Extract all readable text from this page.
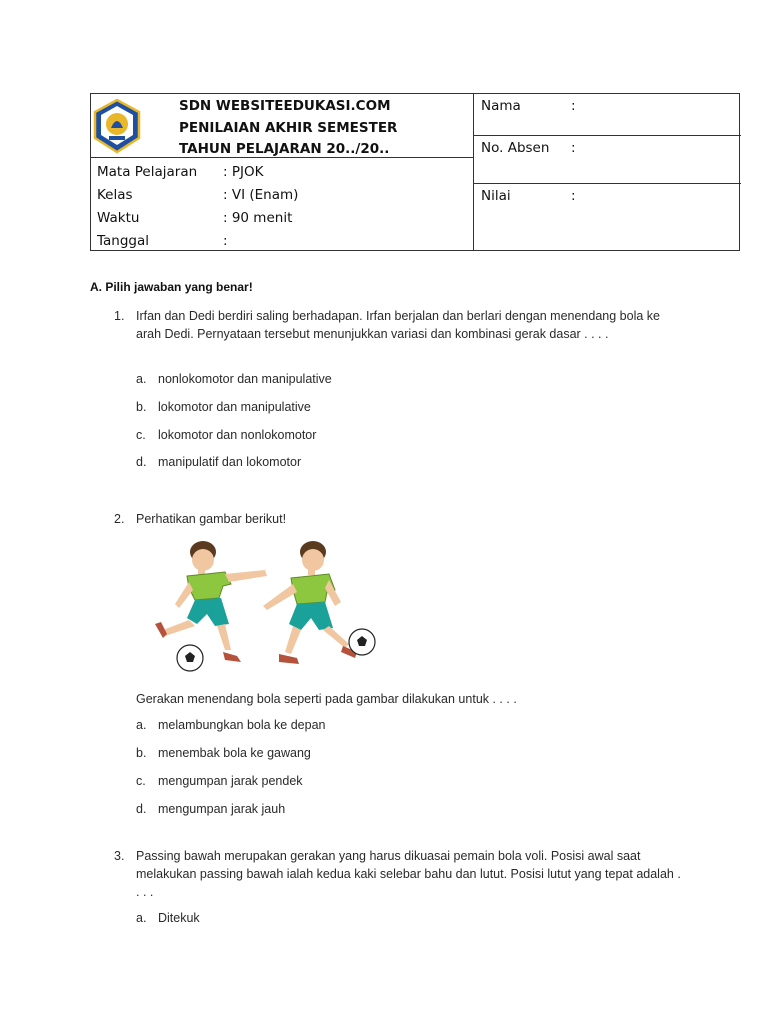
SDN WEBSITEEDUKASI.COM
PENILAIAN AKHIR SEMESTER
TAHUN PELAJARAN 20../20..
Mata Pelajaran : PJOK
Kelas	: VI (Enam)
Waktu	: 90 menit
Tanggal	:
Nama	:
No. Absen :
Nilai	:
A. Pilih jawaban yang benar!
1. Irfan dan Dedi berdiri saling berhadapan. Irfan berjalan dan berlari dengan menendang bola ke arah Dedi. Pernyataan tersebut menunjukkan variasi dan kombinasi gerak dasar . . . .
a. nonlokomotor dan manipulative
b. lokomotor dan manipulative
c. lokomotor dan nonlokomotor
d. manipulatif dan lokomotor
2. Perhatikan gambar berikut!
Gerakan menendang bola seperti pada gambar dilakukan untuk . . . .
a. melambungkan bola ke depan
b. menembak bola ke gawang
c. mengumpan jarak pendek
d. mengumpan jarak jauh
3. Passing bawah merupakan gerakan yang harus dikuasai pemain bola voli. Posisi awal saat melakukan passing bawah ialah kedua kaki selebar bahu dan lutut. Posisi lutut yang tepat adalah . . . .
a. Ditekuk
